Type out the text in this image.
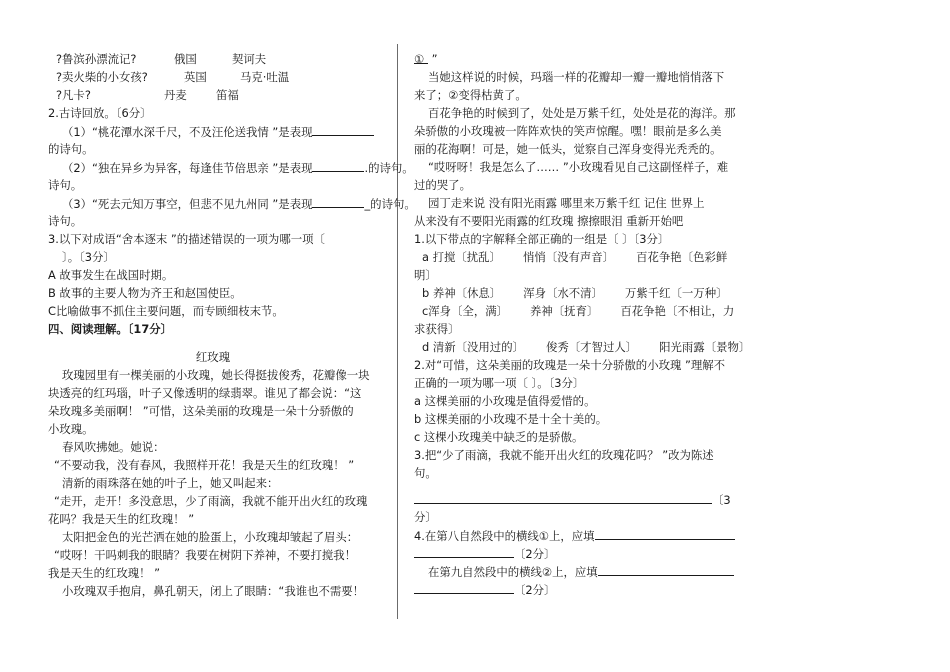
?鲁滨孙漂流记?	俄国	契诃夫
?卖火柴的小女孩?	英国	马克·吐温
?凡卡?	丹麦	笛福
2.古诗回放。〔6分〕
（1）“桃花潭水深千尺，不及汪伦送我情 ”是表现
的诗句。
（2）“独在异乡为异客，每逢佳节倍思亲 ”是表现	.的诗句。
诗句。
（3）“死去元知万事空，但悲不见九州同 ”是表现	_的诗句。
诗句。
3.以下对成语“舍本逐末 ”的描述错误的一项为哪一项〔
〕。〔3分〕
A 故事发生在战国时期。
B 故事的主要人物为齐王和赵国使臣。
C比喻做事不抓住主要问题，而专顾细枝末节。
四、阅读理解。〔17分〕
红玫瑰
玫瑰园里有一棵美丽的小玫瑰，她长得挺拔俊秀，花瓣像一块
块透亮的红玛瑙，叶子又像透明的绿翡翠。谁见了都会说：“这
朵玫瑰多美丽啊！ ”可惜，这朵美丽的玫瑰是一朵十分骄傲的
小玫瑰。
春风吹拂她。她说：
“不要动我，没有春风，我照样开花！我是天生的红玫瑰！ ”
清新的雨珠落在她的叶子上，她又叫起来：
“走开，走开！多没意思，少了雨滴，我就不能开出火红的玫瑰
花吗？我是天生的红玫瑰！ ”
太阳把金色的光芒洒在她的脸蛋上，小玫瑰却皱起了眉头：
“哎呀！干吗刺我的眼睛？我要在树阴下养神，不要打搅我！
我是天生的红玫瑰！ ”
小玫瑰双手抱肩，鼻孔朝天，闭上了眼睛：“我谁也不需要！
① ”
当她这样说的时候，玛瑙一样的花瓣却一瓣一瓣地悄悄落下
来了；②变得枯黄了。
百花争艳的时候到了，处处是万紫千红，处处是花的海洋。那
朵骄傲的小玫瑰被一阵阵欢快的笑声惊醒。嘿！眼前是多么美
丽的花海啊！可是，她一低头，觉察自己浑身变得光秃秃的。
“哎呀呀！我是怎么了…… ”小玫瑰看见自己这副怪样子，难
过的哭了。
园丁走来说 没有阳光雨露 哪里来万紫千红 记住 世界上
从来没有不要阳光雨露的红玫瑰 擦擦眼泪 重新开始吧
1.以下带点的字解释全部正确的一组是〔 〕〔3分〕
a 打搅〔扰乱〕 悄悄〔没有声音〕 百花争艳〔色彩鲜
明〕
b 养神〔休息〕 浑身〔水不清〕 万紫千红〔一万种〕
c浑身〔全，满〕 养神〔抚育〕 百花争艳〔不相让，力
求获得〕
d 清新〔没用过的〕 俊秀〔才智过人〕 阳光雨露〔景物〕
2.对“可惜，这朵美丽的玫瑰是一朵十分骄傲的小玫瑰 ”理解不
正确的一项为哪一项〔 〕。〔3分〕
a 这棵美丽的小玫瑰是值得爱惜的。
b 这棵美丽的小玫瑰不是十全十美的。
c 这棵小玫瑰美中缺乏的是骄傲。
3.把“少了雨滴，我就不能开出火红的玫瑰花吗？ ”改为陈述
句。
〔3
分〕
4.在第八自然段中的横线①上，应填
〔2分〕
在第九自然段中的横线②上，应填
〔2分〕
